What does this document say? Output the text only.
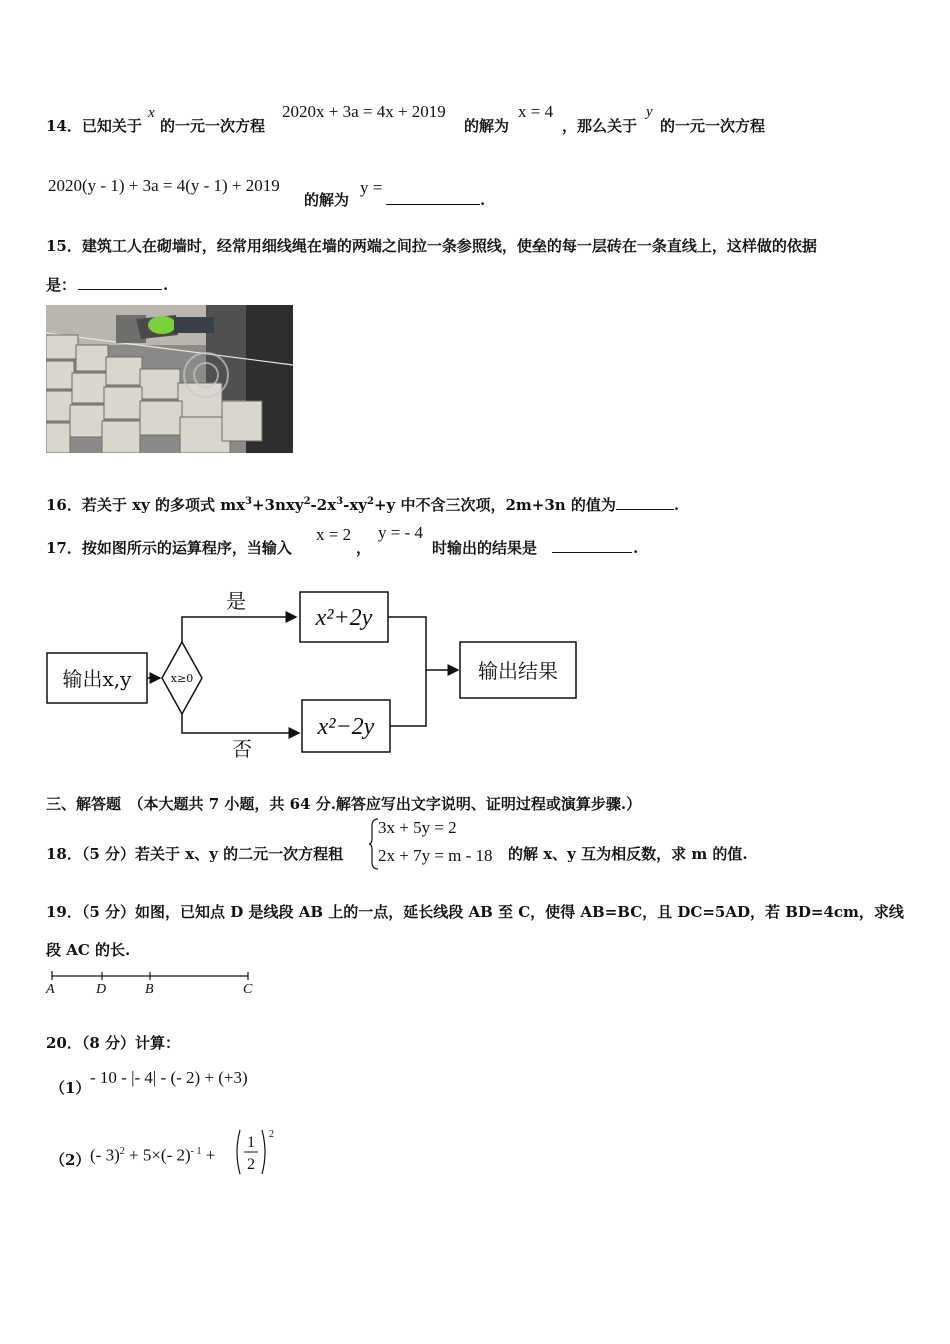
14．已知关于
x
的一元一次方程
2020x + 3a = 4x + 2019
的解为
x = 4
，那么关于
y
的一元一次方程
2020(y - 1) + 3a = 4(y - 1) + 2019
的解为
y =
.
15．建筑工人在砌墙时，经常用细线绳在墙的两端之间拉一条参照线，使垒的每一层砖在一条直线上，这样做的依据
是：	.
16．若关于 xy 的多项式 $mx^3+3nxy^2-2x^3-xy^2+y$ 中不含三次项，2m+3n 的值为	.
17．按如图所示的运算程序，当输入
x = 2
，
y = - 4
时输出的结果是	.
输出x,y	x≥0
是
否
x²+2y
x²−2y
输出结果
三、解答题　（本大题共 7 小题，共 64 分.解答应写出文字说明、证明过程或演算步骤.）
18．（5 分）若关于 x、y 的二元一次方程租
3x + 5y = 2
2x + 7y = m - 18 的解 x、y 互为相反数，求 m 的值.
19．（5 分）如图，已知点 D 是线段 AB 上的一点，延长线段 AB 至 C，使得 AB=BC，且 DC=5AD，若 BD=4cm，求线
段 AC 的长.
A	D	B	C
20．（8 分）计算：
（1）
- 10 - |- 4| - (- 2) + (+3)
（2） (- 3)$^2$ + 5×(- 2)$^{- 1}$ +
1
2
2
